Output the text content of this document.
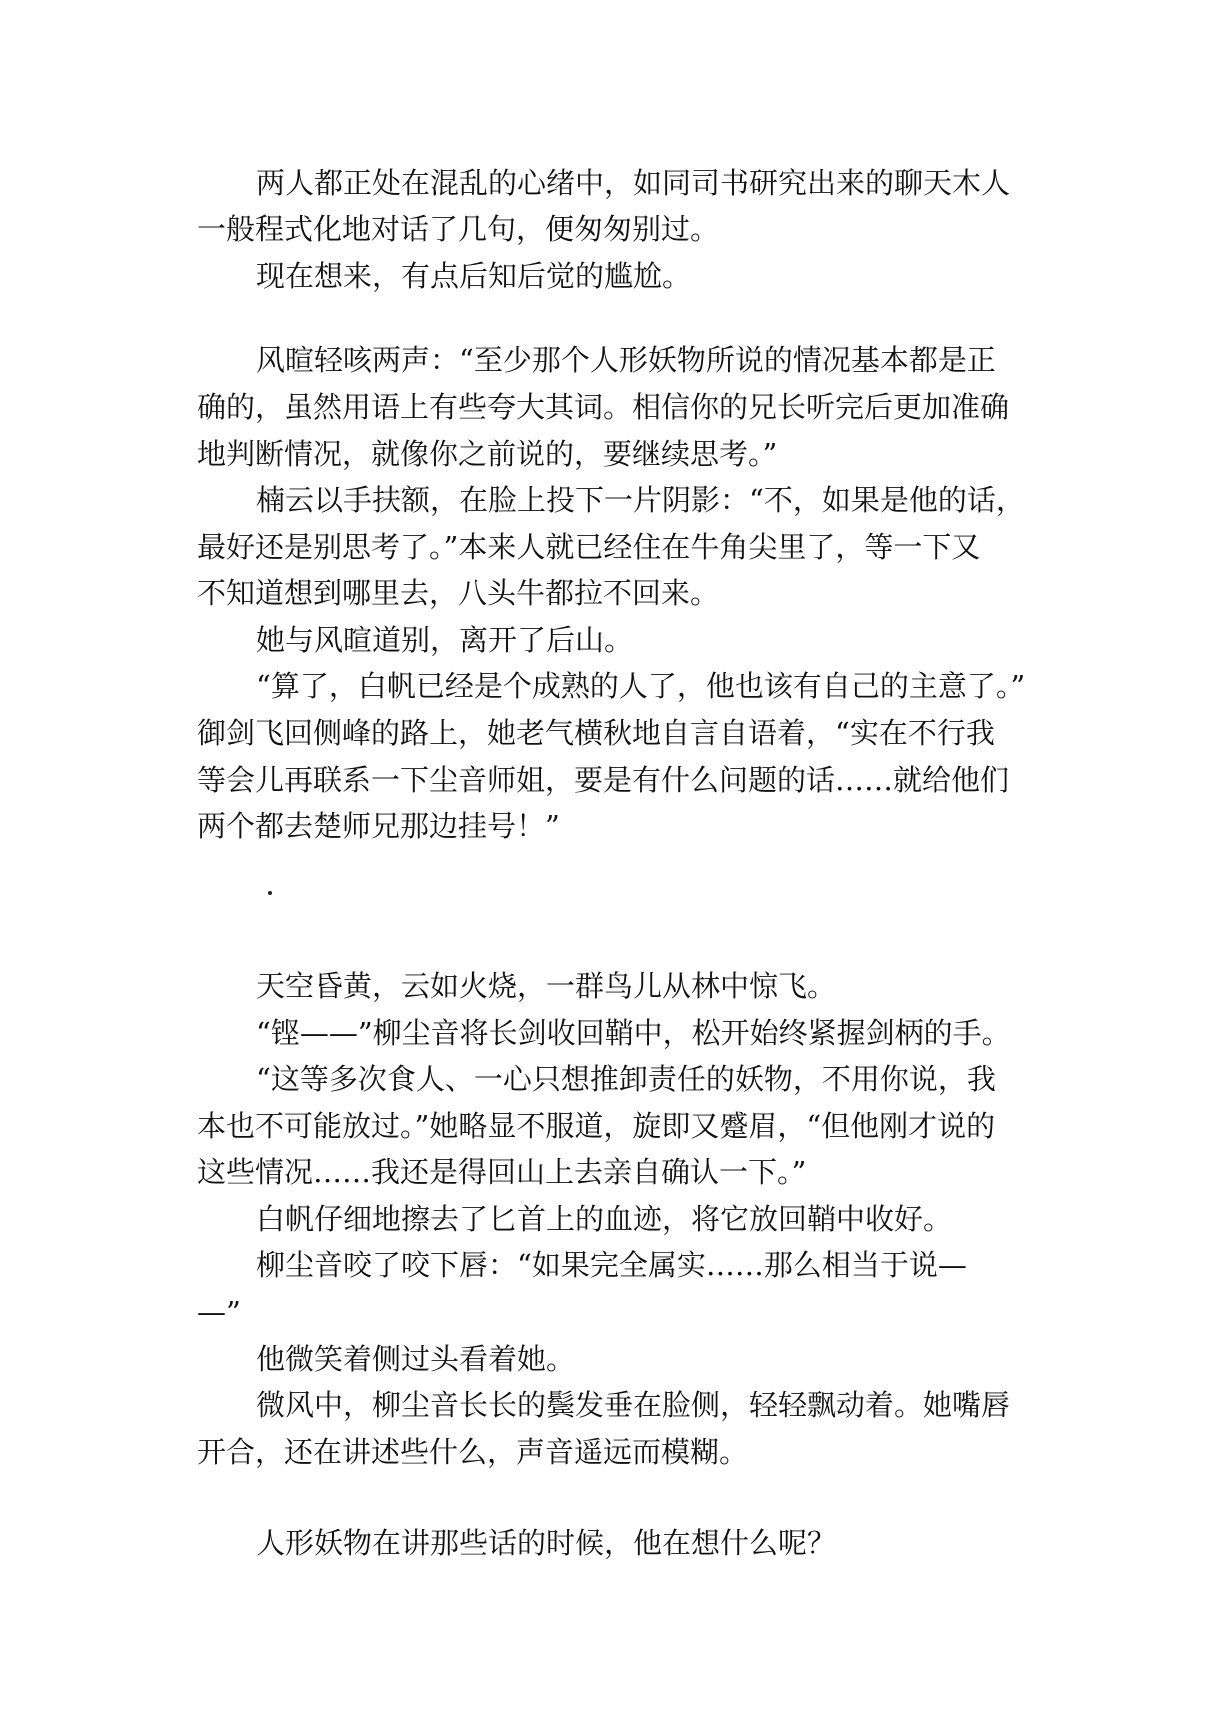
两人都正处在混乱的心绪中，如同司书研究出来的聊天木人
一般程式化地对话了几句，便匆匆别过。
现在想来，有点后知后觉的尴尬。
风暄轻咳两声：“至少那个人形妖物所说的情况基本都是正
确的，虽然用语上有些夸大其词。相信你的兄长听完后更加准确
地判断情况，就像你之前说的，要继续思考。”
楠云以手扶额，在脸上投下一片阴影：“不，如果是他的话，
最好还是别思考了。”本来人就已经住在牛角尖里了，等一下又
不知道想到哪里去，八头牛都拉不回来。
她与风暄道别，离开了后山。
“算了，白帆已经是个成熟的人了，他也该有自己的主意了。”
御剑飞回侧峰的路上，她老气横秋地自言自语着，“实在不行我
等会儿再联系一下尘音师姐，要是有什么问题的话……就给他们
两个都去楚师兄那边挂号！”
天空昏黄，云如火烧，一群鸟儿从林中惊飞。
“铿——”柳尘音将长剑收回鞘中，松开始终紧握剑柄的手。
“这等多次食人、一心只想推卸责任的妖物，不用你说，我
本也不可能放过。”她略显不服道，旋即又蹙眉，“但他刚才说的
这些情况……我还是得回山上去亲自确认一下。”
白帆仔细地擦去了匕首上的血迹，将它放回鞘中收好。
柳尘音咬了咬下唇：“如果完全属实……那么相当于说—
—”
他微笑着侧过头看着她。
微风中，柳尘音长长的鬓发垂在脸侧，轻轻飘动着。她嘴唇
开合，还在讲述些什么，声音遥远而模糊。
人形妖物在讲那些话的时候，他在想什么呢？
